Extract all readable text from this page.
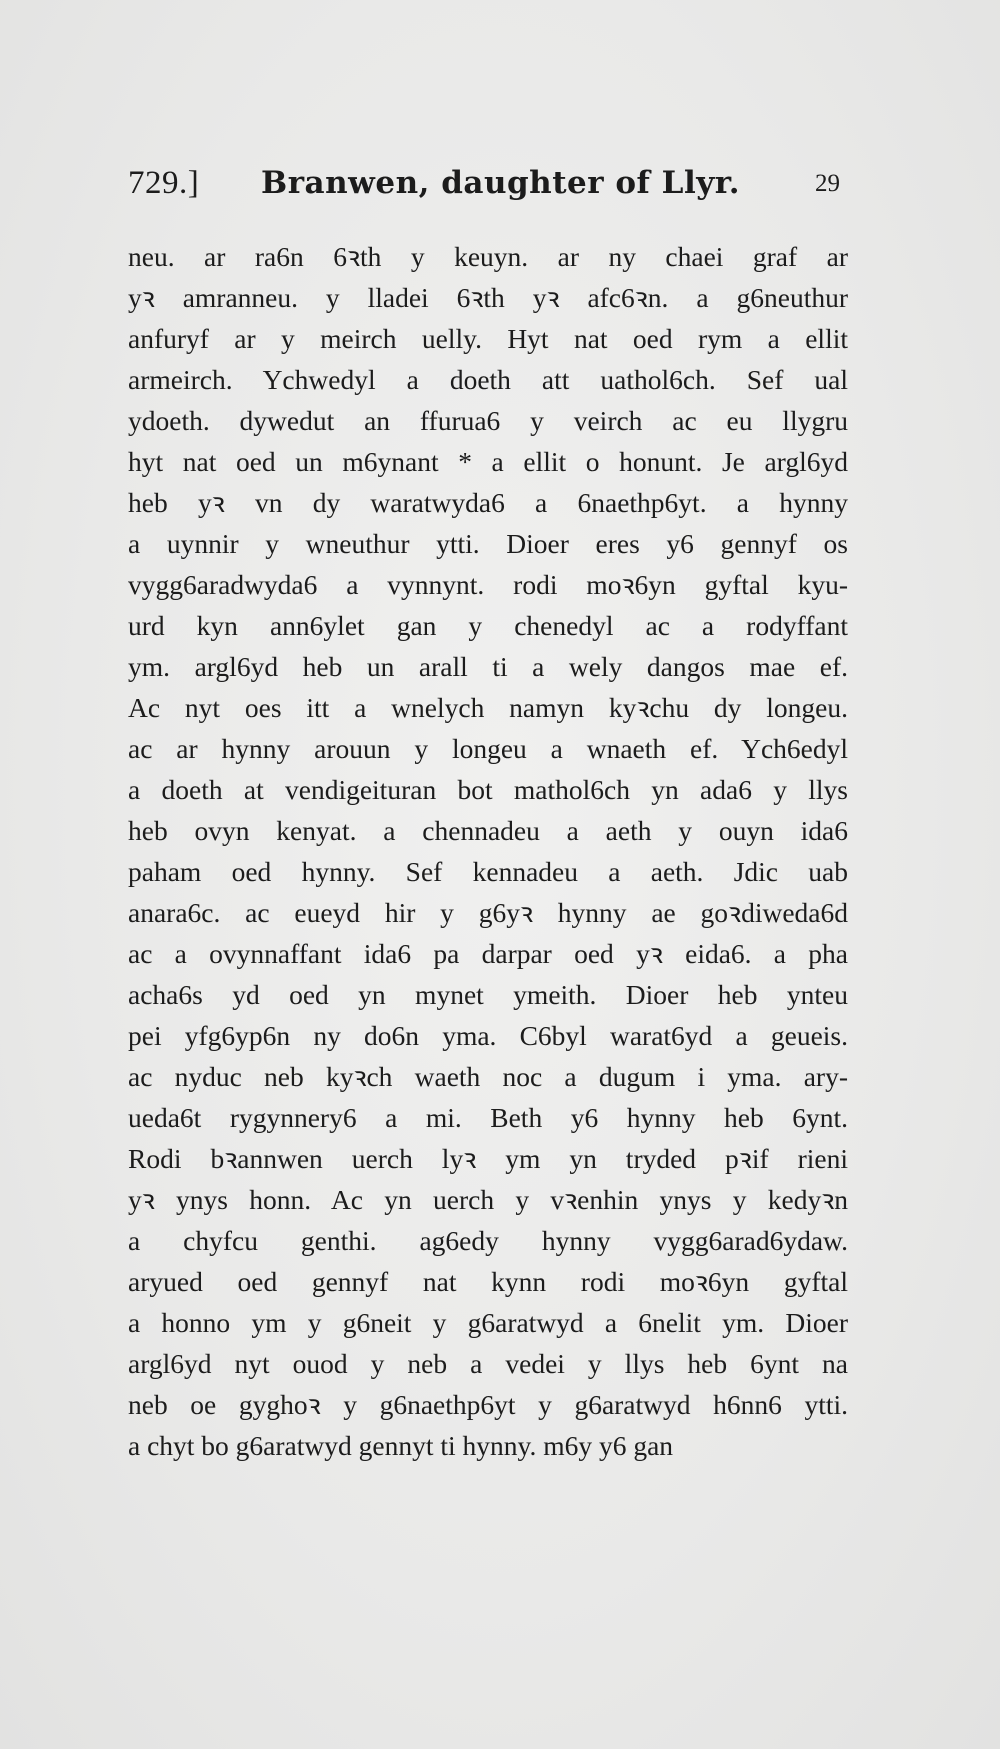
729.] Branwen, daughter of Llyr.	29
neu. ar ra6n 6ꝛth y keuyn. ar ny chaei graf ar
yꝛ amranneu. y lladei 6ꝛth yꝛ afc6ꝛn. a g6neuthur
anfuryf ar y meirch uelly. Hyt nat oed rym a ellit
armeirch. Ychwedyl a doeth att uathol6ch. Sef ual
ydoeth. dywedut an ffurua6 y veirch ac eu llygru
hyt nat oed un m6ynant * a ellit o honunt. Je argl6yd
heb yꝛ vn dy waratwyda6 a 6naethp6yt. a hynny
a uynnir y wneuthur ytti. Dioer eres y6 gennyf os
vygg6aradwyda6 a vynnynt. rodi moꝛ6yn gyftal kyu-
urd kyn ann6ylet gan y chenedyl ac a rodyffant
ym. argl6yd heb un arall ti a wely dangos mae ef.
Ac nyt oes itt a wnelych namyn kyꝛchu dy longeu.
ac ar hynny arouun y longeu a wnaeth ef. Ych6edyl
a doeth at vendigeituran bot mathol6ch yn ada6 y llys
heb ovyn kenyat. a chennadeu a aeth y ouyn ida6
paham oed hynny. Sef kennadeu a aeth. Jdic uab
anara6c. ac eueyd hir y g6yꝛ hynny ae goꝛdiweda6d
ac a ovynnaffant ida6 pa darpar oed yꝛ eida6. a pha
acha6s yd oed yn mynet ymeith. Dioer heb ynteu
pei yfg6yp6n ny do6n yma. C6byl warat6yd a geueis.
ac nyduc neb kyꝛch waeth noc a dugum i yma. ary-
ueda6t rygynnery6 a mi. Beth y6 hynny heb 6ynt.
Rodi bꝛannwen uerch lyꝛ ym yn tryded pꝛif rieni
yꝛ ynys honn. Ac yn uerch y vꝛenhin ynys y kedyꝛn
a chyfcu genthi. ag6edy hynny vygg6arad6ydaw.
aryued oed gennyf nat kynn rodi moꝛ6yn gyftal
a honno ym y g6neit y g6aratwyd a 6nelit ym. Dioer
argl6yd nyt ouod y neb a vedei y llys heb 6ynt na
neb oe gyghoꝛ y g6naethp6yt y g6aratwyd h6nn6 ytti.
a chyt bo g6aratwyd gennyt ti hynny. m6y y6 gan
